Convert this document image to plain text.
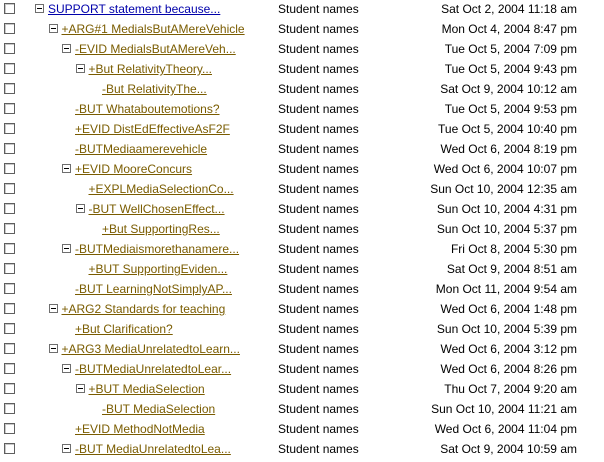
SUPPORT statement because...	Student names	Sat Oct 2, 2004 11:18 am
+ARG#1 MedialsButAMereVehicle	Student names	Mon Oct 4, 2004 8:47 pm
-EVID MedialsButAMereVeh...	Student names	Tue Oct 5, 2004 7:09 pm
+But RelativityTheory...	Student names	Tue Oct 5, 2004 9:43 pm
-But RelativityThe...	Student names	Sat Oct 9, 2004 10:12 am
-BUT Whataboutemotions?	Student names	Tue Oct 5, 2004 9:53 pm
+EVID DistEdEffectiveAsF2F	Student names	Tue Oct 5, 2004 10:40 pm
-BUTMediaamerevehicle	Student names	Wed Oct 6, 2004 8:19 pm
+EVID MooreConcurs	Student names	Wed Oct 6, 2004 10:07 pm
+EXPLMediaSelectionCo...	Student names	Sun Oct 10, 2004 12:35 am
-BUT WellChosenEffect...	Student names	Sun Oct 10, 2004 4:31 pm
+But SupportingRes...	Student names	Sun Oct 10, 2004 5:37 pm
-BUTMediaismorethanamere...	Student names	Fri Oct 8, 2004 5:30 pm
+BUT SupportingEviden...	Student names	Sat Oct 9, 2004 8:51 am
-BUT LearningNotSimplyAP...	Student names	Mon Oct 11, 2004 9:54 am
+ARG2 Standards for teaching	Student names	Wed Oct 6, 2004 1:48 pm
+But Clarification?	Student names	Sun Oct 10, 2004 5:39 pm
+ARG3 MediaUnrelatedtoLearn...	Student names	Wed Oct 6, 2004 3:12 pm
-BUTMediaUnrelatedtoLear...	Student names	Wed Oct 6, 2004 8:26 pm
+BUT MediaSelection	Student names	Thu Oct 7, 2004 9:20 am
-BUT MediaSelection	Student names	Sun Oct 10, 2004 11:21 am
+EVID MethodNotMedia	Student names	Wed Oct 6, 2004 11:04 pm
-BUT MediaUnrelatedtoLea...	Student names	Sat Oct 9, 2004 10:59 am
